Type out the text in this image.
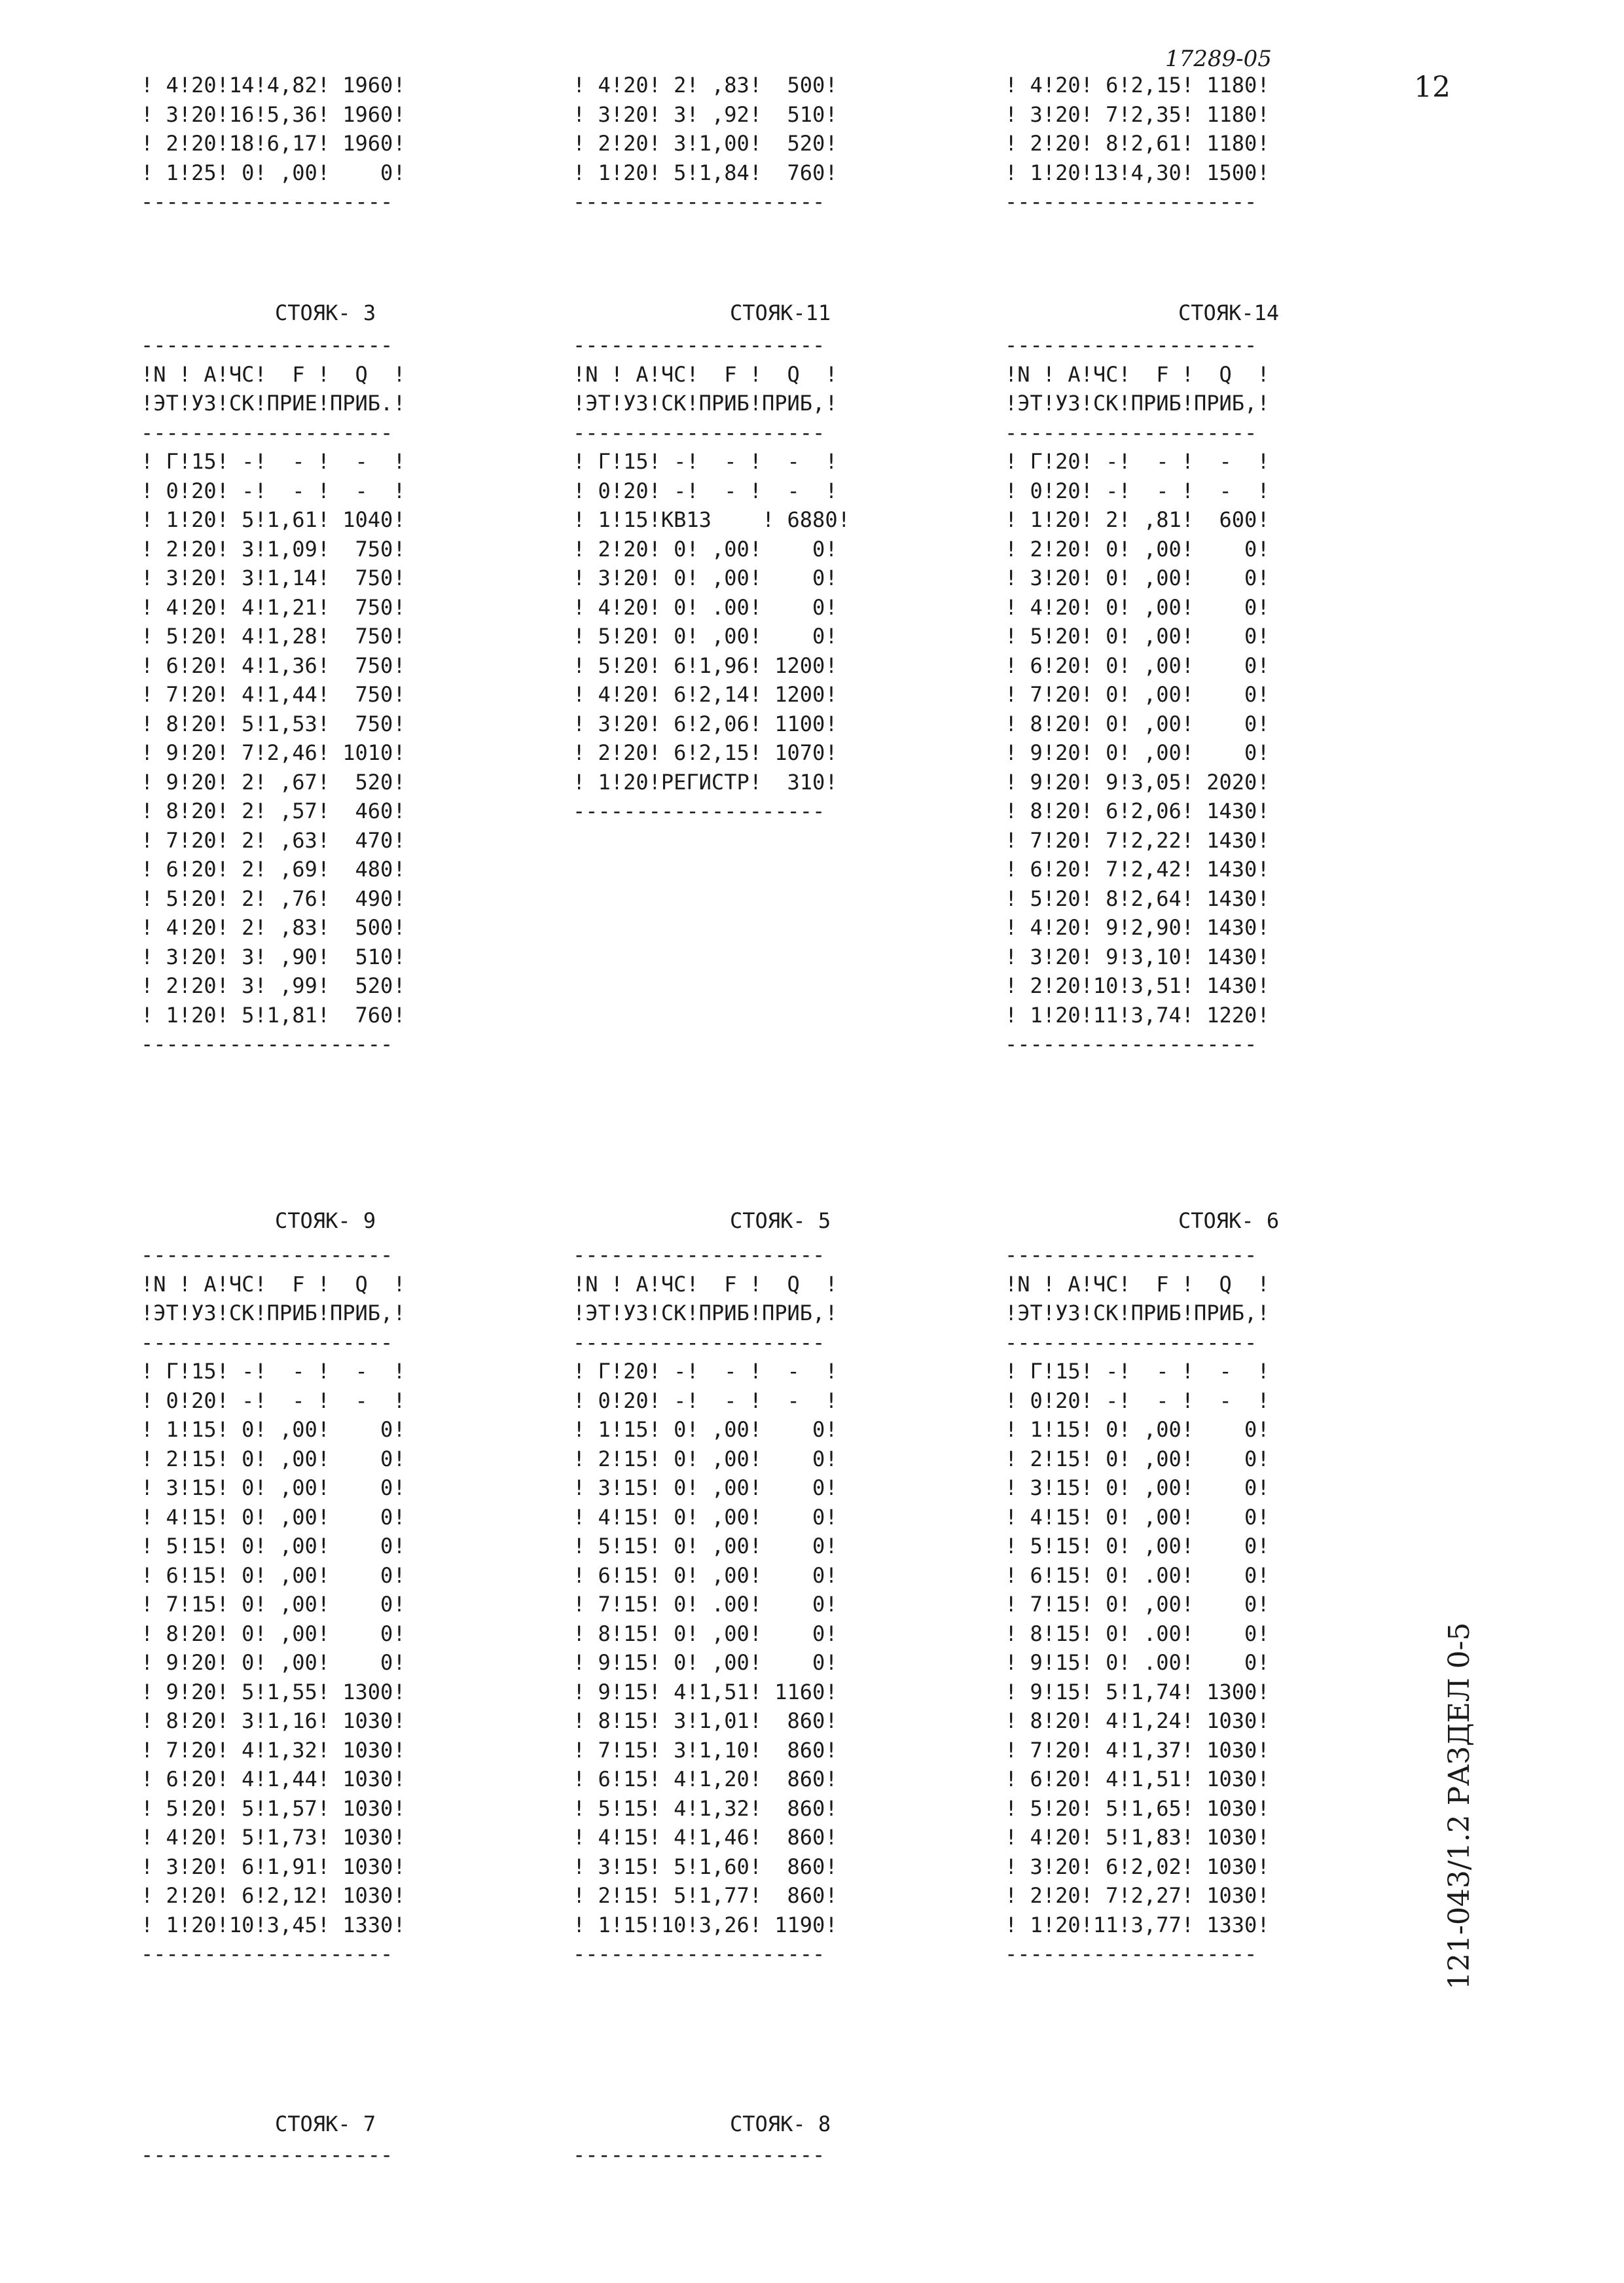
17289-05
12
! 4!20!14!4,82! 1960!
! 3!20!16!5,36! 1960!
! 2!20!18!6,17! 1960!
! 1!25! 0! ,00!    0!
--------------------
! 4!20! 2! ,83!  500!
! 3!20! 3! ,92!  510!
! 2!20! 3!1,00!  520!
! 1!20! 5!1,84!  760!
--------------------
! 4!20! 6!2,15! 1180!
! 3!20! 7!2,35! 1180!
! 2!20! 8!2,61! 1180!
! 1!20!13!4,30! 1500!
--------------------
СТОЯК- 3
--------------------
!N ! А!ЧС!  F !  Q  !
!ЭТ!УЗ!СК!ПРИЕ!ПРИБ.!
--------------------
! Г!15! -!  - !  -  !
! 0!20! -!  - !  -  !
! 1!20! 5!1,61! 1040!
! 2!20! 3!1,09!  750!
! 3!20! 3!1,14!  750!
! 4!20! 4!1,21!  750!
! 5!20! 4!1,28!  750!
! 6!20! 4!1,36!  750!
! 7!20! 4!1,44!  750!
! 8!20! 5!1,53!  750!
! 9!20! 7!2,46! 1010!
! 9!20! 2! ,67!  520!
! 8!20! 2! ,57!  460!
! 7!20! 2! ,63!  470!
! 6!20! 2! ,69!  480!
! 5!20! 2! ,76!  490!
! 4!20! 2! ,83!  500!
! 3!20! 3! ,90!  510!
! 2!20! 3! ,99!  520!
! 1!20! 5!1,81!  760!
--------------------
СТОЯК-11
--------------------
!N ! А!ЧС!  F !  Q  !
!ЭТ!УЗ!СК!ПРИБ!ПРИБ,!
--------------------
! Г!15! -!  - !  -  !
! 0!20! -!  - !  -  !
! 1!15!КВ13    ! 6880!
! 2!20! 0! ,00!    0!
! 3!20! 0! ,00!    0!
! 4!20! 0! .00!    0!
! 5!20! 0! ,00!    0!
! 5!20! 6!1,96! 1200!
! 4!20! 6!2,14! 1200!
! 3!20! 6!2,06! 1100!
! 2!20! 6!2,15! 1070!
! 1!20!РЕГИСТР!  310!
--------------------
СТОЯК-14
--------------------
!N ! А!ЧС!  F !  Q  !
!ЭТ!УЗ!СК!ПРИБ!ПРИБ,!
--------------------
! Г!20! -!  - !  -  !
! 0!20! -!  - !  -  !
! 1!20! 2! ,81!  600!
! 2!20! 0! ,00!    0!
! 3!20! 0! ,00!    0!
! 4!20! 0! ,00!    0!
! 5!20! 0! ,00!    0!
! 6!20! 0! ,00!    0!
! 7!20! 0! ,00!    0!
! 8!20! 0! ,00!    0!
! 9!20! 0! ,00!    0!
! 9!20! 9!3,05! 2020!
! 8!20! 6!2,06! 1430!
! 7!20! 7!2,22! 1430!
! 6!20! 7!2,42! 1430!
! 5!20! 8!2,64! 1430!
! 4!20! 9!2,90! 1430!
! 3!20! 9!3,10! 1430!
! 2!20!10!3,51! 1430!
! 1!20!11!3,74! 1220!
--------------------
СТОЯК- 9
--------------------
!N ! А!ЧС!  F !  Q  !
!ЭТ!УЗ!СК!ПРИБ!ПРИБ,!
--------------------
! Г!15! -!  - !  -  !
! 0!20! -!  - !  -  !
! 1!15! 0! ,00!    0!
! 2!15! 0! ,00!    0!
! 3!15! 0! ,00!    0!
! 4!15! 0! ,00!    0!
! 5!15! 0! ,00!    0!
! 6!15! 0! ,00!    0!
! 7!15! 0! ,00!    0!
! 8!20! 0! ,00!    0!
! 9!20! 0! ,00!    0!
! 9!20! 5!1,55! 1300!
! 8!20! 3!1,16! 1030!
! 7!20! 4!1,32! 1030!
! 6!20! 4!1,44! 1030!
! 5!20! 5!1,57! 1030!
! 4!20! 5!1,73! 1030!
! 3!20! 6!1,91! 1030!
! 2!20! 6!2,12! 1030!
! 1!20!10!3,45! 1330!
--------------------
СТОЯК- 5
--------------------
!N ! А!ЧС!  F !  Q  !
!ЭТ!УЗ!СК!ПРИБ!ПРИБ,!
--------------------
! Г!20! -!  - !  -  !
! 0!20! -!  - !  -  !
! 1!15! 0! ,00!    0!
! 2!15! 0! ,00!    0!
! 3!15! 0! ,00!    0!
! 4!15! 0! ,00!    0!
! 5!15! 0! ,00!    0!
! 6!15! 0! ,00!    0!
! 7!15! 0! .00!    0!
! 8!15! 0! ,00!    0!
! 9!15! 0! ,00!    0!
! 9!15! 4!1,51! 1160!
! 8!15! 3!1,01!  860!
! 7!15! 3!1,10!  860!
! 6!15! 4!1,20!  860!
! 5!15! 4!1,32!  860!
! 4!15! 4!1,46!  860!
! 3!15! 5!1,60!  860!
! 2!15! 5!1,77!  860!
! 1!15!10!3,26! 1190!
--------------------
СТОЯК- 6
--------------------
!N ! А!ЧС!  F !  Q  !
!ЭТ!УЗ!СК!ПРИБ!ПРИБ,!
--------------------
! Г!15! -!  - !  -  !
! 0!20! -!  - !  -  !
! 1!15! 0! ,00!    0!
! 2!15! 0! ,00!    0!
! 3!15! 0! ,00!    0!
! 4!15! 0! ,00!    0!
! 5!15! 0! ,00!    0!
! 6!15! 0! .00!    0!
! 7!15! 0! ,00!    0!
! 8!15! 0! .00!    0!
! 9!15! 0! .00!    0!
! 9!15! 5!1,74! 1300!
! 8!20! 4!1,24! 1030!
! 7!20! 4!1,37! 1030!
! 6!20! 4!1,51! 1030!
! 5!20! 5!1,65! 1030!
! 4!20! 5!1,83! 1030!
! 3!20! 6!2,02! 1030!
! 2!20! 7!2,27! 1030!
! 1!20!11!3,77! 1330!
--------------------
СТОЯК- 7
--------------------
СТОЯК- 8
--------------------
121-043/1.2 РАЗДЕЛ 0-5
